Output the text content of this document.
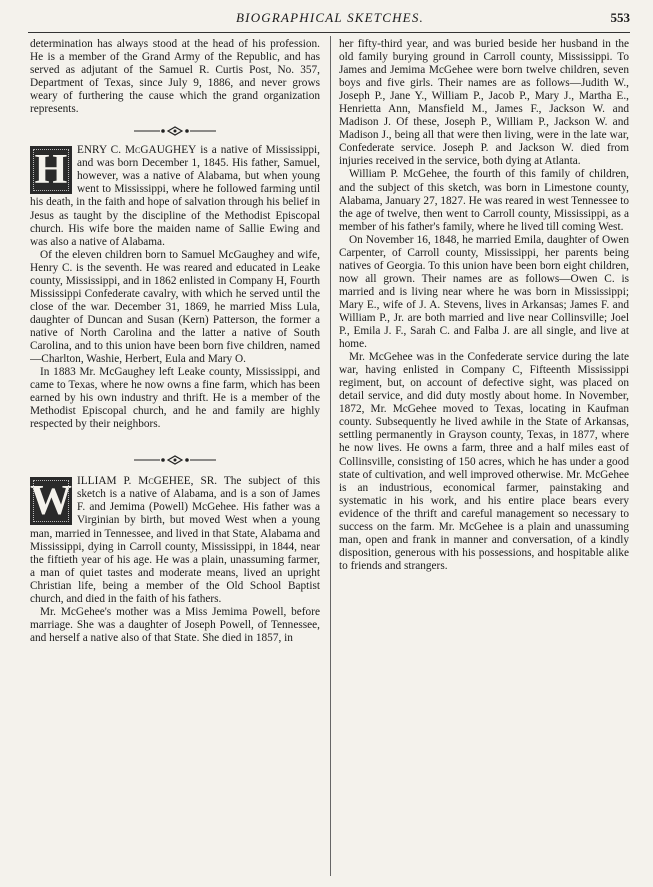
BIOGRAPHICAL SKETCHES.	553

determination has always stood at the head of his profession. He is a member of the Grand Army of the Republic, and has served as adjutant of the Samuel R. Curtis Post, No. 357, Department of Texas, since July 9, 1886, and never grows weary of furthering the cause which the grand organization represents.

H ENRY C. McGAUGHEY is a native of Mississippi, and was born December 1, 1845. His father, Samuel, however, was a native of Alabama, but when young went to Mississippi, where he followed farming until his death, in the faith and hope of salvation through his belief in Jesus as taught by the discipline of the Methodist Episcopal church. His wife bore the maiden name of Sallie Ewing and was also a native of Alabama.

Of the eleven children born to Samuel McGaughey and wife, Henry C. is the seventh. He was reared and educated in Leake county, Mississippi, and in 1862 enlisted in Company H, Fourth Mississippi Confederate cavalry, with which he served until the close of the war. December 31, 1869, he married Miss Lula, daughter of Duncan and Susan (Kern) Patterson, the former a native of North Carolina and the latter a native of South Carolina, and to this union have been born five children, named—Charlton, Washie, Herbert, Eula and Mary O.

In 1883 Mr. McGaughey left Leake county, Mississippi, and came to Texas, where he now owns a fine farm, which has been earned by his own industry and thrift. He is a member of the Methodist Episcopal church, and he and family are highly respected by their neighbors.

W ILLIAM P. McGEHEE, SR. The subject of this sketch is a native of Alabama, and is a son of James F. and Jemima (Powell) McGehee. His father was a Virginian by birth, but moved West when a young man, married in Tennessee, and lived in that State, Alabama and Mississippi, dying in Carroll county, Mississippi, in 1844, near the fiftieth year of his age. He was a plain, unassuming farmer, a man of quiet tastes and moderate means, lived an upright Christian life, being a member of the Old School Baptist church, and died in the faith of his fathers.

Mr. McGehee's mother was a Miss Jemima Powell, before marriage. She was a daughter of Joseph Powell, of Tennessee, and herself a native also of that State. She died in 1857, in

her fifty-third year, and was buried beside her husband in the old family burying ground in Carroll county, Mississippi. To James and Jemima McGehee were born twelve children, seven boys and five girls. Their names are as follows—Judith W., Joseph P., Jane Y., William P., Jacob P., Mary J., Martha E., Henrietta Ann, Mansfield M., James F., Jackson W. and Madison J. Of these, Joseph P., William P., Jackson W. and Madison J., being all that were then living, were in the late war, Confederate service. Joseph P. and Jackson W. died from injuries received in the service, both dying at Atlanta.

William P. McGehee, the fourth of this family of children, and the subject of this sketch, was born in Limestone county, Alabama, January 27, 1827. He was reared in west Tennessee to the age of twelve, then went to Carroll county, Mississippi, as a member of his father's family, where he lived till coming West.

On November 16, 1848, he married Emila, daughter of Owen Carpenter, of Carroll county, Mississippi, her parents being natives of Georgia. To this union have been born eight children, now all grown. Their names are as follows—Owen C. is married and is living near where he was born in Mississippi; Mary E., wife of J. A. Stevens, lives in Arkansas; James F. and William P., Jr. are both married and live near Collinsville; Joel P., Emila J. F., Sarah C. and Falba J. are all single, and live at home.

Mr. McGehee was in the Confederate service during the late war, having enlisted in Company C, Fifteenth Mississippi regiment, but, on account of defective sight, was placed on detail service, and did duty mostly about home. In November, 1872, Mr. McGehee moved to Texas, locating in Kaufman county. Subsequently he lived awhile in the State of Arkansas, settling permanently in Grayson county, Texas, in 1877, where he now lives. He owns a farm, three and a half miles east of Collinsville, consisting of 150 acres, which he has under a good state of cultivation, and well improved otherwise. Mr. McGehee is an industrious, economical farmer, painstaking and systematic in his work, and his entire place bears every evidence of the thrift and careful management so necessary to success on the farm. Mr. McGehee is a plain and unassuming man, open and frank in manner and conversation, of a kindly disposition, generous with his possessions, and hospitable alike to friends and strangers.
